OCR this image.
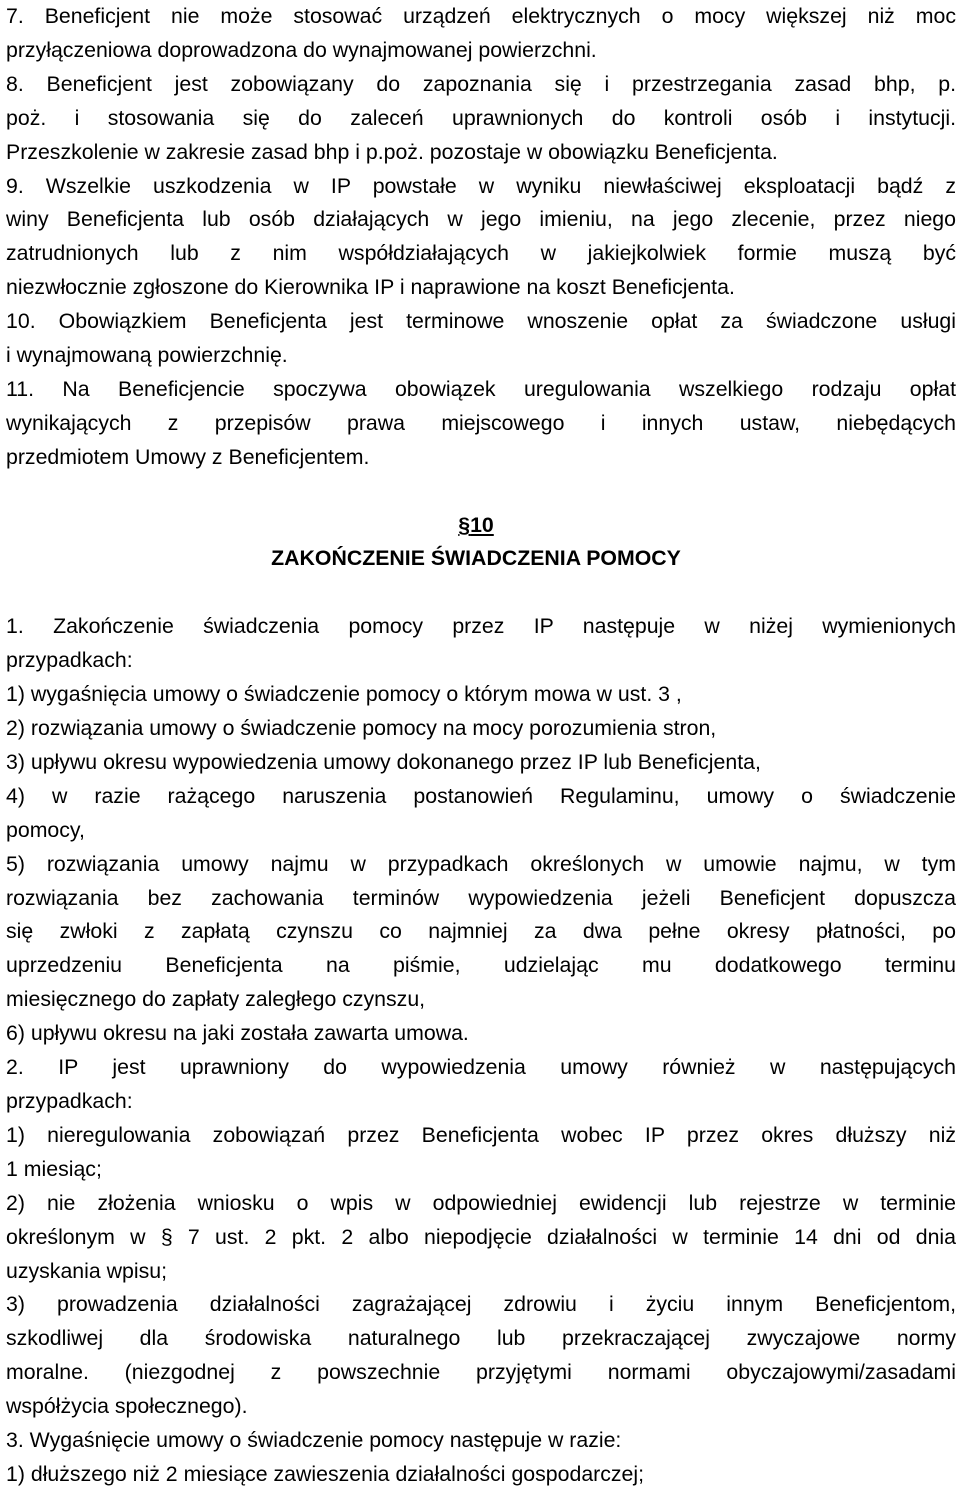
7. Beneficjent nie może stosować urządzeń elektrycznych o mocy większej niż moc
przyłączeniowa doprowadzona do wynajmowanej powierzchni.
8. Beneficjent jest zobowiązany do zapoznania się i przestrzegania zasad bhp, p.
poż. i stosowania się do zaleceń uprawnionych do kontroli osób i instytucji.
Przeszkolenie w zakresie zasad bhp i p.poż. pozostaje w obowiązku Beneficjenta.
9. Wszelkie uszkodzenia w IP powstałe w wyniku niewłaściwej eksploatacji bądź z
winy Beneficjenta lub osób działających w jego imieniu, na jego zlecenie, przez niego
zatrudnionych lub z nim współdziałających w jakiejkolwiek formie muszą być
niezwłocznie zgłoszone do Kierownika IP i naprawione na koszt Beneficjenta.
10. Obowiązkiem Beneficjenta jest terminowe wnoszenie opłat za świadczone usługi
i wynajmowaną powierzchnię.
11. Na Beneficjencie spoczywa obowiązek uregulowania wszelkiego rodzaju opłat
wynikających z przepisów prawa miejscowego i innych ustaw, niebędących
przedmiotem Umowy z Beneficjentem.
§10
ZAKOŃCZENIE ŚWIADCZENIA POMOCY
1. Zakończenie świadczenia pomocy przez IP następuje w niżej wymienionych
przypadkach:
1) wygaśnięcia umowy o świadczenie pomocy o którym mowa w ust. 3 ,
2) rozwiązania umowy o świadczenie pomocy na mocy porozumienia stron,
3) upływu okresu wypowiedzenia umowy dokonanego przez IP lub Beneficjenta,
4) w razie rażącego naruszenia postanowień Regulaminu, umowy o świadczenie
pomocy,
5) rozwiązania umowy najmu w przypadkach określonych w umowie najmu, w tym
rozwiązania bez zachowania terminów wypowiedzenia jeżeli Beneficjent dopuszcza
się zwłoki z zapłatą czynszu co najmniej za dwa pełne okresy płatności, po
uprzedzeniu Beneficjenta na piśmie, udzielając mu dodatkowego terminu
miesięcznego do zapłaty zaległego czynszu,
6) upływu okresu na jaki została zawarta umowa.
2. IP jest uprawniony do wypowiedzenia umowy również w następujących
przypadkach:
1) nieregulowania zobowiązań przez Beneficjenta wobec IP przez okres dłuższy niż
1 miesiąc;
2) nie złożenia wniosku o wpis w odpowiedniej ewidencji lub rejestrze w terminie
określonym w § 7 ust. 2 pkt. 2 albo niepodjęcie działalności w terminie 14 dni od dnia
uzyskania wpisu;
3) prowadzenia działalności zagrażającej zdrowiu i życiu innym Beneficjentom,
szkodliwej dla środowiska naturalnego lub przekraczającej zwyczajowe normy
moralne. (niezgodnej z powszechnie przyjętymi normami obyczajowymi/zasadami
współżycia społecznego).
3. Wygaśnięcie umowy o świadczenie pomocy następuje w razie:
1) dłuższego niż 2 miesiące zawieszenia działalności gospodarczej;
